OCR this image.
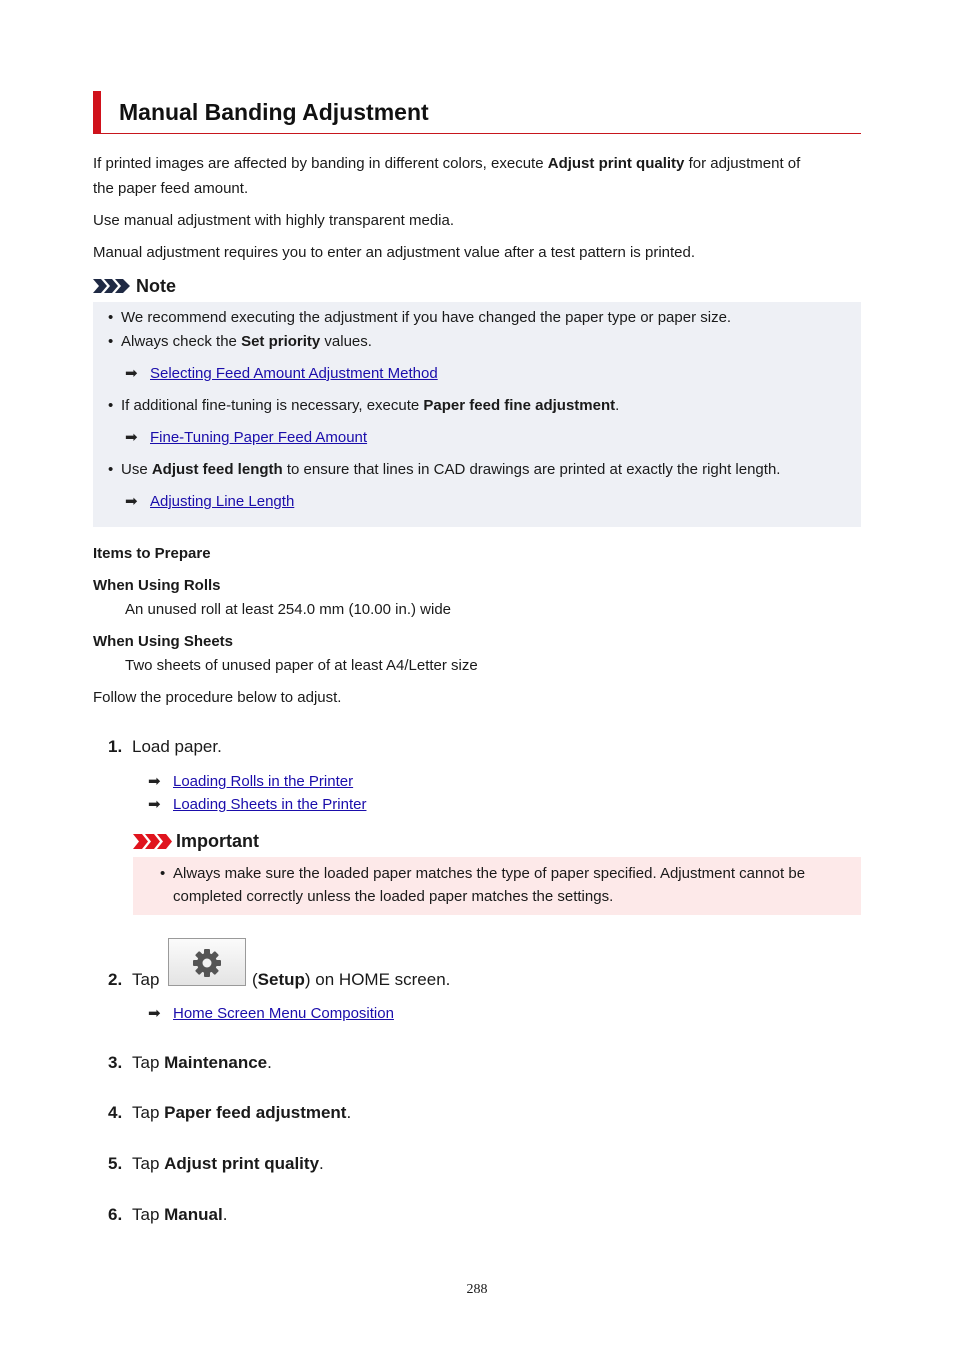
Manual Banding Adjustment

If printed images are affected by banding in different colors, execute Adjust print quality for adjustment of
the paper feed amount.

Use manual adjustment with highly transparent media.

Manual adjustment requires you to enter an adjustment value after a test pattern is printed.

Note
• We recommend executing the adjustment if you have changed the paper type or paper size.
• Always check the Set priority values.
➡ Selecting Feed Amount Adjustment Method
• If additional fine-tuning is necessary, execute Paper feed fine adjustment.
➡ Fine-Tuning Paper Feed Amount
• Use Adjust feed length to ensure that lines in CAD drawings are printed at exactly the right length.
➡ Adjusting Line Length
Items to Prepare
When Using Rolls
An unused roll at least 254.0 mm (10.00 in.) wide
When Using Sheets
Two sheets of unused paper of at least A4/Letter size
Follow the procedure below to adjust.
1. Load paper.
➡ Loading Rolls in the Printer
➡ Loading Sheets in the Printer
Important
• Always make sure the loaded paper matches the type of paper specified. Adjustment cannot be
completed correctly unless the loaded paper matches the settings.
2. Tap	(Setup) on HOME screen.
➡ Home Screen Menu Composition
3. Tap Maintenance.
4. Tap Paper feed adjustment.
5. Tap Adjust print quality.
6. Tap Manual.
288
